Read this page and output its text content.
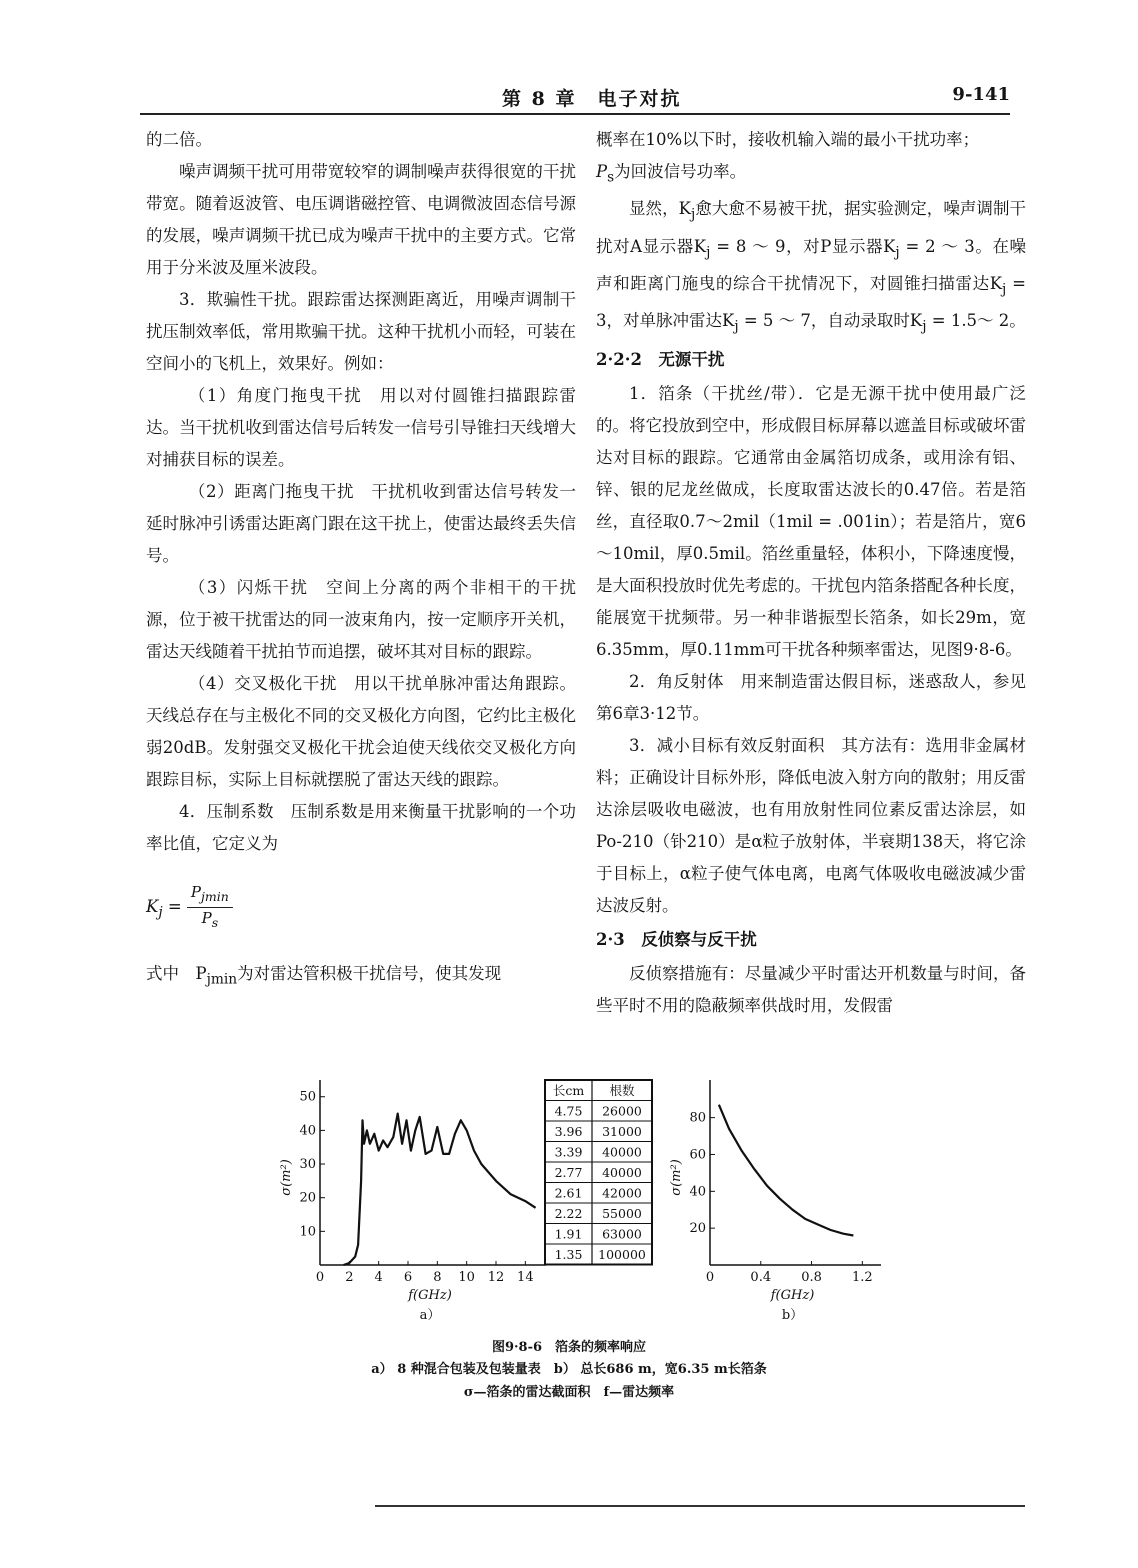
第 8 章　电子对抗	9-141

的二倍。

噪声调频干扰可用带宽较窄的调制噪声获得很宽的干扰带宽。随着返波管、电压调谐磁控管、电调微波固态信号源的发展，噪声调频干扰已成为噪声干扰中的主要方式。它常用于分米波及厘米波段。

3．欺骗性干扰。跟踪雷达探测距离近，用噪声调制干扰压制效率低，常用欺骗干扰。这种干扰机小而轻，可装在空间小的飞机上，效果好。例如：

（1）角度门拖曳干扰　用以对付圆锥扫描跟踪雷达。当干扰机收到雷达信号后转发一信号引导锥扫天线增大对捕获目标的误差。

（2）距离门拖曳干扰　干扰机收到雷达信号转发一延时脉冲引诱雷达距离门跟在这干扰上，使雷达最终丢失信号。

（3）闪烁干扰　空间上分离的两个非相干的干扰源，位于被干扰雷达的同一波束角内，按一定顺序开关机，雷达天线随着干扰拍节而追摆，破坏其对目标的跟踪。

（4）交叉极化干扰　用以干扰单脉冲雷达角跟踪。天线总存在与主极化不同的交叉极化方向图，它约比主极化弱20dB。发射强交叉极化干扰会迫使天线依交叉极化方向跟踪目标，实际上目标就摆脱了雷达天线的跟踪。

4．压制系数　压制系数是用来衡量干扰影响的一个功率比值，它定义为

$K_j = \frac{P_{jmin}}{P_s}$

式中　$P_{jmin}$为对雷达管积极干扰信号，使其发现

概率在10%以下时，接收机输入端的最小干扰功率；
$P_s$为回波信号功率。

显然，$K_j$愈大愈不易被干扰，据实验测定，噪声调制干扰对A显示器$K_j = 8$ ～ 9，对P显示器$K_j = 2$ ～ 3。在噪声和距离门施曳的综合干扰情况下，对圆锥扫描雷达$K_j = 3$，对单脉冲雷达$K_j = 5$ ～ 7，自动录取时$K_j$ = 1.5～ 2。

2·2·2　无源干扰

1．箔条（干扰丝/带）．它是无源干扰中使用最广泛的。将它投放到空中，形成假目标屏幕以遮盖目标或破坏雷达对目标的跟踪。它通常由金属箔切成条，或用涂有铝、锌、银的尼龙丝做成，长度取雷达波长的0.47倍。若是箔丝，直径取0.7～2mil（1mil = .001in）；若是箔片，宽6～10mil，厚0.5mil。箔丝重量轻，体积小，下降速度慢，是大面积投放时优先考虑的。干扰包内箔条搭配各种长度，能展宽干扰频带。另一种非谐振型长箔条，如长29m，宽6.35mm，厚0.11mm可干扰各种频率雷达，见图9·8-6。

2．角反射体　用来制造雷达假目标，迷惑敌人，参见第6章3·12节。

3．减小目标有效反射面积　其方法有：选用非金属材料；正确设计目标外形，降低电波入射方向的散射；用反雷达涂层吸收电磁波，也有用放射性同位素反雷达涂层，如Po-210（钋210）是α粒子放射体，半衰期138天，将它涂于目标上，α粒子使气体电离，电离气体吸收电磁波减少雷达波反射。

2·3　反侦察与反干扰

反侦察措施有：尽量减少平时雷达开机数量与时间，备些平时不用的隐蔽频率供战时用，发假雷

0 2 4 6 8 10 12 14
10
20
30
40
50
σ(m²)
f(GHz)
a）
长cm 根数
4.75 26000
3.96 31000
3.39 40000
2.77 40000
2.61 42000
2.22 55000
1.91 63000
1.35 100000
0	0.4 0.8 1.2
20
40
60
80
σ(m²)
f(GHz)
b）
图9·8-6　箔条的频率响应
a） 8 种混合包装及包装量表　b） 总长686 m，宽6.35 m长箔条
σ—箔条的雷达截面积　f—雷达频率
